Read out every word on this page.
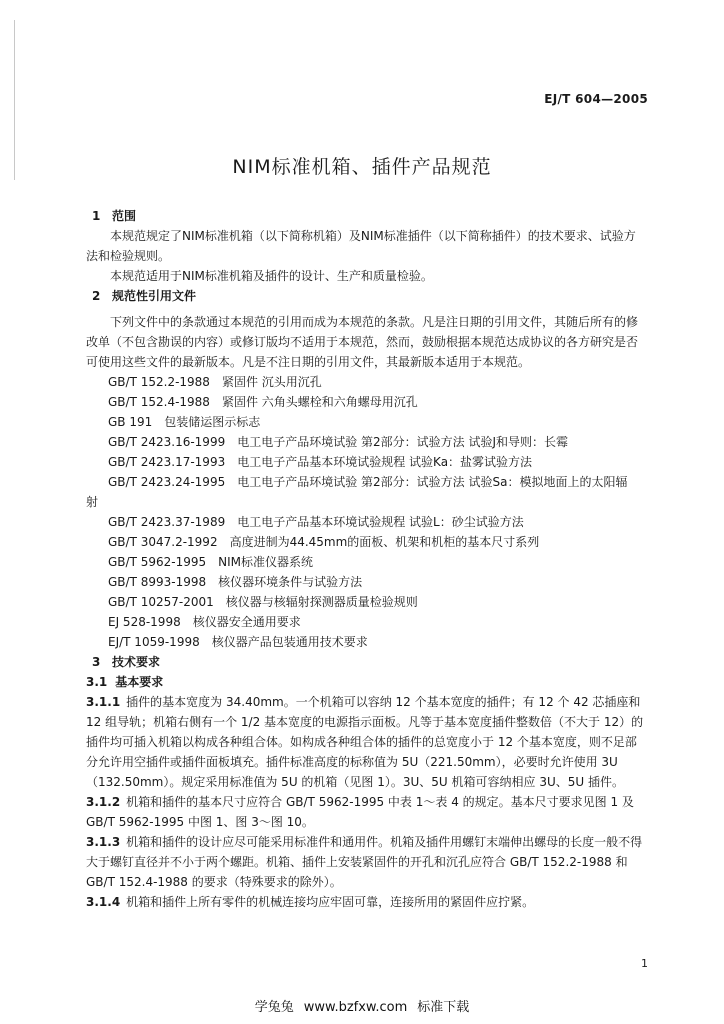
EJ/T 604—2005
NIM标准机箱、插件产品规范

1 范围

本规范规定了NIM标准机箱（以下简称机箱）及NIM标准插件（以下简称插件）的技术要求、试验方法和检验规则。

本规范适用于NIM标准机箱及插件的设计、生产和质量检验。

2 规范性引用文件

下列文件中的条款通过本规范的引用而成为本规范的条款。凡是注日期的引用文件，其随后所有的修改单（不包含勘误的内容）或修订版均不适用于本规范，然而，鼓励根据本规范达成协议的各方研究是否可使用这些文件的最新版本。凡是不注日期的引用文件，其最新版本适用于本规范。

GB/T 152.2-1988 紧固件 沉头用沉孔

GB/T 152.4-1988 紧固件 六角头螺栓和六角螺母用沉孔

GB 191 包装储运图示标志

GB/T 2423.16-1999 电工电子产品环境试验 第2部分：试验方法 试验J和导则：长霉

GB/T 2423.17-1993 电工电子产品基本环境试验规程 试验Ka：盐雾试验方法

GB/T 2423.24-1995 电工电子产品环境试验 第2部分：试验方法 试验Sa：模拟地面上的太阳辐

射

GB/T 2423.37-1989 电工电子产品基本环境试验规程 试验L：砂尘试验方法

GB/T 3047.2-1992 高度进制为44.45mm的面板、机架和机柜的基本尺寸系列

GB/T 5962-1995 NIM标准仪器系统

GB/T 8993-1998 核仪器环境条件与试验方法

GB/T 10257-2001 核仪器与核辐射探测器质量检验规则

EJ 528-1998 核仪器安全通用要求

EJ/T 1059-1998 核仪器产品包装通用技术要求

3 技术要求

3.1 基本要求

3.1.1 插件的基本宽度为 34.40mm。一个机箱可以容纳 12 个基本宽度的插件；有 12 个 42 芯插座和 12 组导轨；机箱右侧有一个 1/2 基本宽度的电源指示面板。凡等于基本宽度插件整数倍（不大于 12）的插件均可插入机箱以构成各种组合体。如构成各种组合体的插件的总宽度小于 12 个基本宽度，则不足部分允许用空插件或插件面板填充。插件标准高度的标称值为 5U（221.50mm），必要时允许使用 3U（132.50mm）。规定采用标准值为 5U 的机箱（见图 1）。3U、5U 机箱可容纳相应 3U、5U 插件。

3.1.2 机箱和插件的基本尺寸应符合 GB/T 5962-1995 中表 1～表 4 的规定。基本尺寸要求见图 1 及 GB/T 5962-1995 中图 1、图 3～图 10。

3.1.3 机箱和插件的设计应尽可能采用标准件和通用件。机箱及插件用螺钉末端伸出螺母的长度一般不得大于螺钉直径并不小于两个螺距。机箱、插件上安装紧固件的开孔和沉孔应符合 GB/T 152.2-1988 和 GB/T 152.4-1988 的要求（特殊要求的除外）。

3.1.4 机箱和插件上所有零件的机械连接均应牢固可靠，连接所用的紧固件应拧紧。

1
学兔兔 www.bzfxw.com 标准下载
